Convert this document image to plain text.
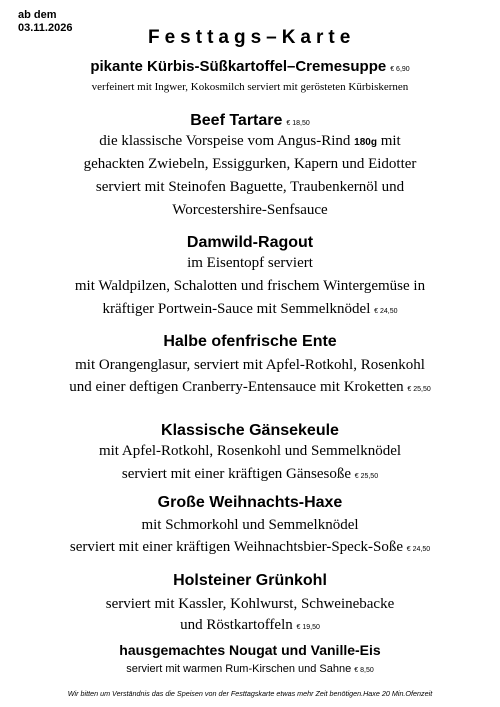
ab dem
03.11.2026	Festtags–Karte
pikante Kürbis-Süßkartoffel–Cremesuppe € 6,90
verfeinert mit Ingwer, Kokosmilch serviert mit gerösteten Kürbiskernen
Beef Tartare € 18,50
die klassische Vorspeise vom Angus-Rind 180g mit
gehackten Zwiebeln, Essiggurken, Kapern und Eidotter
serviert mit Steinofen Baguette, Traubenkernöl und
Worcestershire-Senfsauce
Damwild-Ragout
im Eisentopf serviert
mit Waldpilzen, Schalotten und frischem Wintergemüse in
kräftiger Portwein-Sauce mit Semmelknödel € 24,50
Halbe ofenfrische Ente
mit Orangenglasur, serviert mit Apfel-Rotkohl, Rosenkohl
und einer deftigen Cranberry-Entensauce mit Kroketten € 25,50
Klassische Gänsekeule
mit Apfel-Rotkohl, Rosenkohl und Semmelknödel
serviert mit einer kräftigen Gänsesoße € 25,50
Große Weihnachts-Haxe
mit Schmorkohl und Semmelknödel
serviert mit einer kräftigen Weihnachtsbier-Speck-Soße € 24,50
Holsteiner Grünkohl
serviert mit Kassler, Kohlwurst, Schweinebacke
und Röstkartoffeln € 19,50
hausgemachtes Nougat und Vanille-Eis
serviert mit warmen Rum-Kirschen und Sahne € 8,50
Wir bitten um Verständnis das die Speisen von der Festtagskarte etwas mehr Zeit benötigen.Haxe 20 Min.Ofenzeit
